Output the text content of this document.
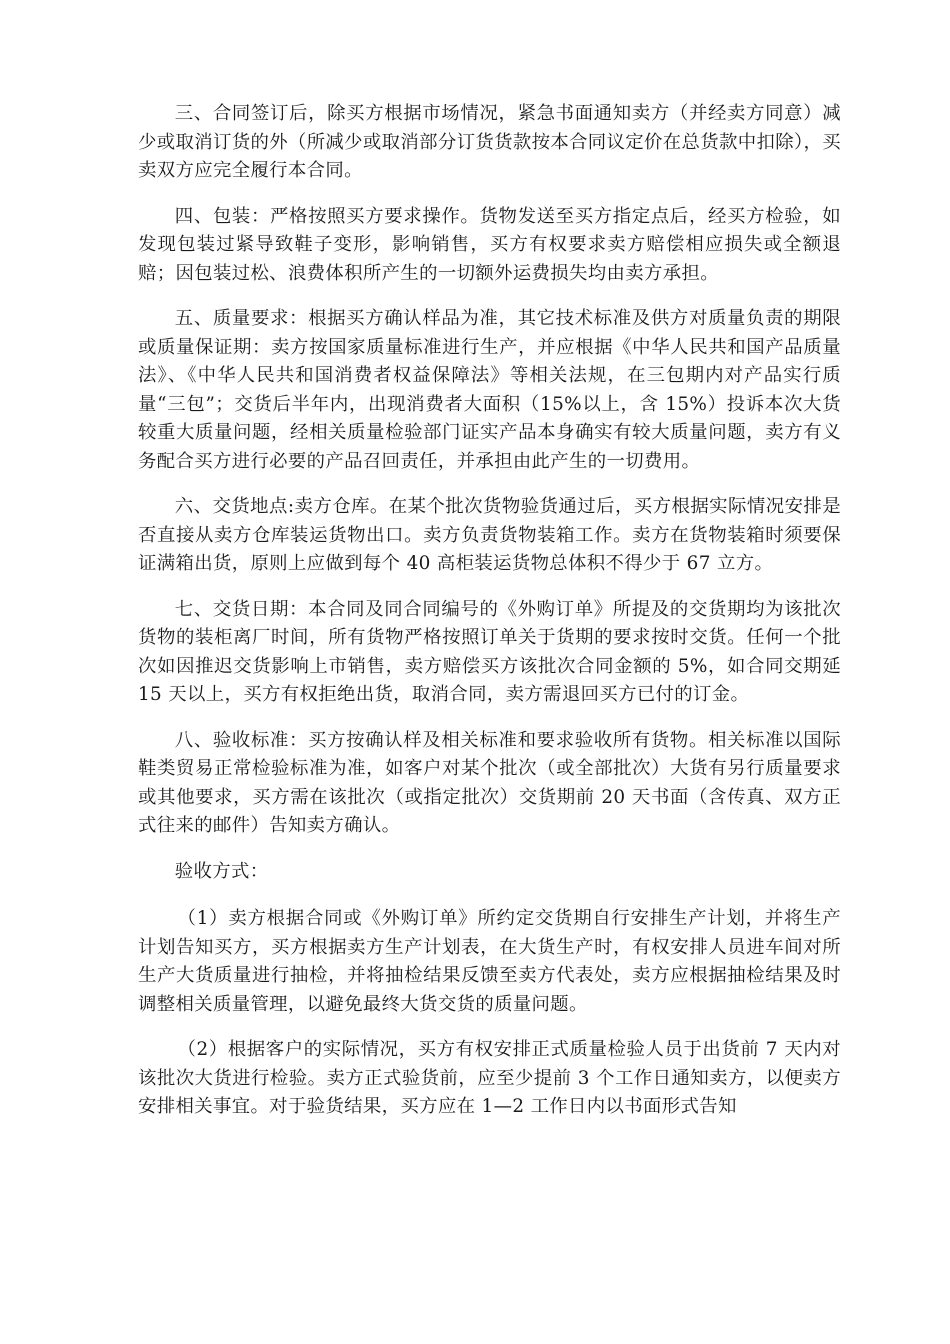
三、合同签订后，除买方根据市场情况，紧急书面通知卖方（并经卖方同意）减少或取消订货的外（所减少或取消部分订货货款按本合同议定价在总货款中扣除），买卖双方应完全履行本合同。

四、包装：严格按照买方要求操作。货物发送至买方指定点后，经买方检验，如发现包装过紧导致鞋子变形，影响销售，买方有权要求卖方赔偿相应损失或全额退赔；因包装过松、浪费体积所产生的一切额外运费损失均由卖方承担。

五、质量要求：根据买方确认样品为准，其它技术标准及供方对质量负责的期限或质量保证期：卖方按国家质量标准进行生产，并应根据《中华人民共和国产品质量法》、《中华人民共和国消费者权益保障法》等相关法规，在三包期内对产品实行质量“三包”；交货后半年内，出现消费者大面积（15%以上，含 15%）投诉本次大货较重大质量问题，经相关质量检验部门证实产品本身确实有较大质量问题，卖方有义务配合买方进行必要的产品召回责任，并承担由此产生的一切费用。

六、交货地点:卖方仓库。在某个批次货物验货通过后，买方根据实际情况安排是否直接从卖方仓库装运货物出口。卖方负责货物装箱工作。卖方在货物装箱时须要保证满箱出货，原则上应做到每个 40 高柜装运货物总体积不得少于 67 立方。

七、交货日期：本合同及同合同编号的《外购订单》所提及的交货期均为该批次货物的装柜离厂时间，所有货物严格按照订单关于货期的要求按时交货。任何一个批次如因推迟交货影响上市销售，卖方赔偿买方该批次合同金额的 5%，如合同交期延 15 天以上，买方有权拒绝出货，取消合同，卖方需退回买方已付的订金。

八、验收标准：买方按确认样及相关标准和要求验收所有货物。相关标准以国际鞋类贸易正常检验标准为准，如客户对某个批次（或全部批次）大货有另行质量要求或其他要求，买方需在该批次（或指定批次）交货期前 20 天书面（含传真、双方正式往来的邮件）告知卖方确认。

验收方式：

（1）卖方根据合同或《外购订单》所约定交货期自行安排生产计划，并将生产计划告知买方，买方根据卖方生产计划表，在大货生产时，有权安排人员进车间对所生产大货质量进行抽检，并将抽检结果反馈至卖方代表处，卖方应根据抽检结果及时调整相关质量管理，以避免最终大货交货的质量问题。

（2）根据客户的实际情况，买方有权安排正式质量检验人员于出货前 7 天内对该批次大货进行检验。卖方正式验货前，应至少提前 3 个工作日通知卖方，以便卖方安排相关事宜。对于验货结果，买方应在 1—2 工作日内以书面形式告知
